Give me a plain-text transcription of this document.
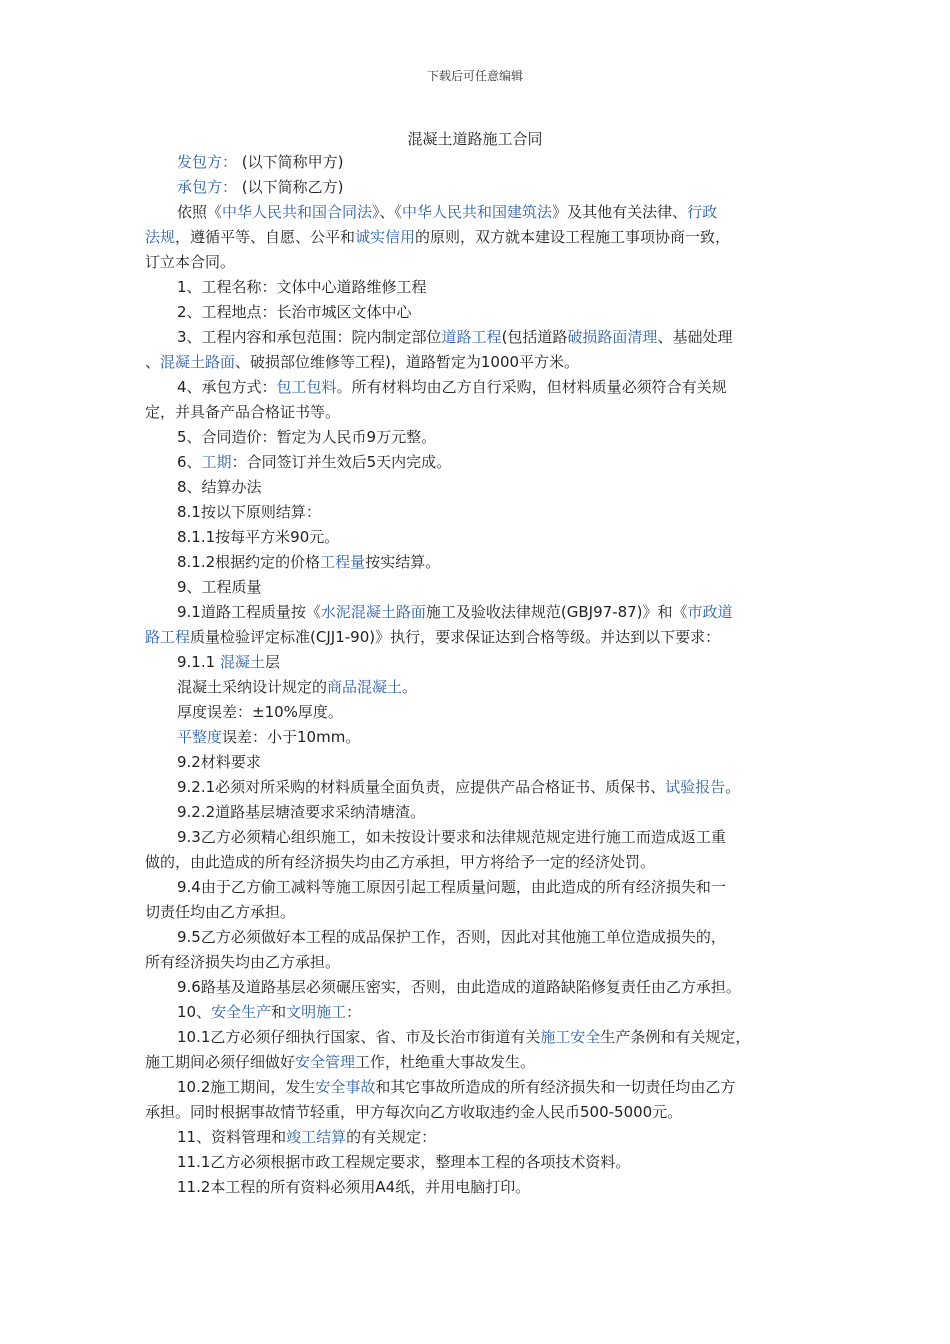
下载后可任意编辑
混凝土道路施工合同
发包方： (以下简称甲方)
承包方： (以下简称乙方)
依照《中华人民共和国合同法》、《中华人民共和国建筑法》及其他有关法律、行政
法规，遵循平等、自愿、公平和诚实信用的原则，双方就本建设工程施工事项协商一致，
订立本合同。
1、工程名称：文体中心道路维修工程
2、工程地点：长治市城区文体中心
3、工程内容和承包范围：院内制定部位道路工程(包括道路破损路面清理、基础处理
、混凝土路面、破损部位维修等工程)，道路暂定为1000平方米。
4、承包方式：包工包料。所有材料均由乙方自行采购，但材料质量必须符合有关规
定，并具备产品合格证书等。
5、合同造价：暂定为人民币9万元整。
6、工期：合同签订并生效后5天内完成。
8、结算办法
8.1按以下原则结算：
8.1.1按每平方米90元。
8.1.2根据约定的价格工程量按实结算。
9、工程质量
9.1道路工程质量按《水泥混凝土路面施工及验收法律规范(GBJ97-87)》和《市政道
路工程质量检验评定标准(CJJ1-90)》执行，要求保证达到合格等级。并达到以下要求：
9.1.1 混凝土层
混凝土采纳设计规定的商品混凝土。
厚度误差：±10%厚度。
平整度误差：小于10mm。
9.2材料要求
9.2.1必须对所采购的材料质量全面负责，应提供产品合格证书、质保书、试验报告。
9.2.2道路基层塘渣要求采纳清塘渣。
9.3乙方必须精心组织施工，如未按设计要求和法律规范规定进行施工而造成返工重
做的，由此造成的所有经济损失均由乙方承担，甲方将给予一定的经济处罚。
9.4由于乙方偷工减料等施工原因引起工程质量问题，由此造成的所有经济损失和一
切责任均由乙方承担。
9.5乙方必须做好本工程的成品保护工作，否则，因此对其他施工单位造成损失的，
所有经济损失均由乙方承担。
9.6路基及道路基层必须碾压密实，否则，由此造成的道路缺陷修复责任由乙方承担。
10、安全生产和文明施工：
10.1乙方必须仔细执行国家、省、市及长治市街道有关施工安全生产条例和有关规定，
施工期间必须仔细做好安全管理工作，杜绝重大事故发生。
10.2施工期间，发生安全事故和其它事故所造成的所有经济损失和一切责任均由乙方
承担。同时根据事故情节轻重，甲方每次向乙方收取违约金人民币500-5000元。
11、资料管理和竣工结算的有关规定：
11.1乙方必须根据市政工程规定要求，整理本工程的各项技术资料。
11.2本工程的所有资料必须用A4纸，并用电脑打印。
